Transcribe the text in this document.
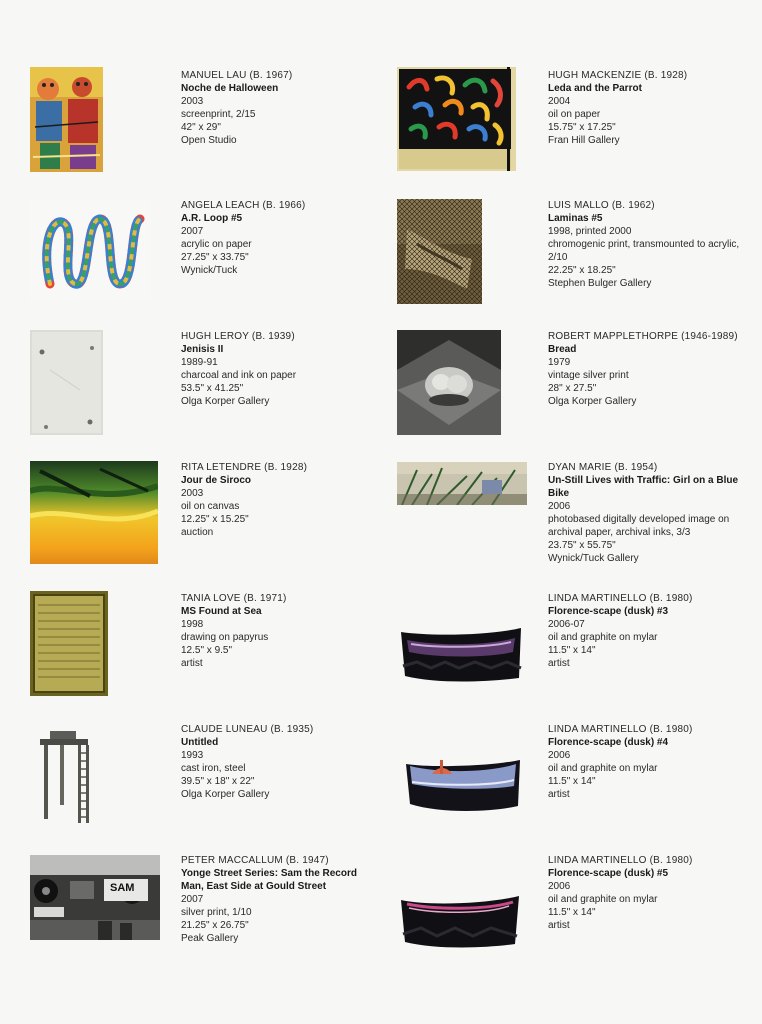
MANUEL LAU (B. 1967)
Noche de Halloween
2003
screenprint, 2/15
42" x 29"
Open Studio
ANGELA LEACH (B. 1966)
A.R. Loop #5
2007
acrylic on paper
27.25" x 33.75"
Wynick/Tuck
HUGH LEROY (B. 1939)
Jenisis II
1989-91
charcoal and ink on paper
53.5" x 41.25"
Olga Korper Gallery
RITA LETENDRE (B. 1928)
Jour de Siroco
2003
oil on canvas
12.25" x 15.25"
auction
TANIA LOVE (B. 1971)
MS Found at Sea
1998
drawing on papyrus
12.5" x 9.5"
artist
CLAUDE LUNEAU (B. 1935)
Untitled
1993
cast iron, steel
39.5" x 18" x 22"
Olga Korper Gallery
SAM
PETER MACCALLUM (B. 1947)
Yonge Street Series: Sam the Record Man, East Side at Gould Street
2007
silver print, 1/10
21.25" x 26.75"
Peak Gallery
HUGH MACKENZIE (B. 1928)
Leda and the Parrot
2004
oil on paper
15.75" x 17.25"
Fran Hill Gallery
LUIS MALLO (B. 1962)
Laminas #5
1998, printed 2000
chromogenic print, transmounted to acrylic, 2/10
22.25" x 18.25"
Stephen Bulger Gallery
ROBERT MAPPLETHORPE (1946-1989)
Bread
1979
vintage silver print
28" x 27.5"
Olga Korper Gallery
DYAN MARIE (B. 1954)
Un-Still Lives with Traffic: Girl on a Blue Bike
2006
photobased digitally developed image on archival paper, archival inks, 3/3
23.75" x 55.75"
Wynick/Tuck Gallery
LINDA MARTINELLO (B. 1980)
Florence-scape (dusk) #3
2006-07
oil and graphite on mylar
11.5" x 14"
artist
LINDA MARTINELLO (B. 1980)
Florence-scape (dusk) #4
2006
oil and graphite on mylar
11.5" x 14"
artist
LINDA MARTINELLO (B. 1980)
Florence-scape (dusk) #5
2006
oil and graphite on mylar
11.5" x 14"
artist
